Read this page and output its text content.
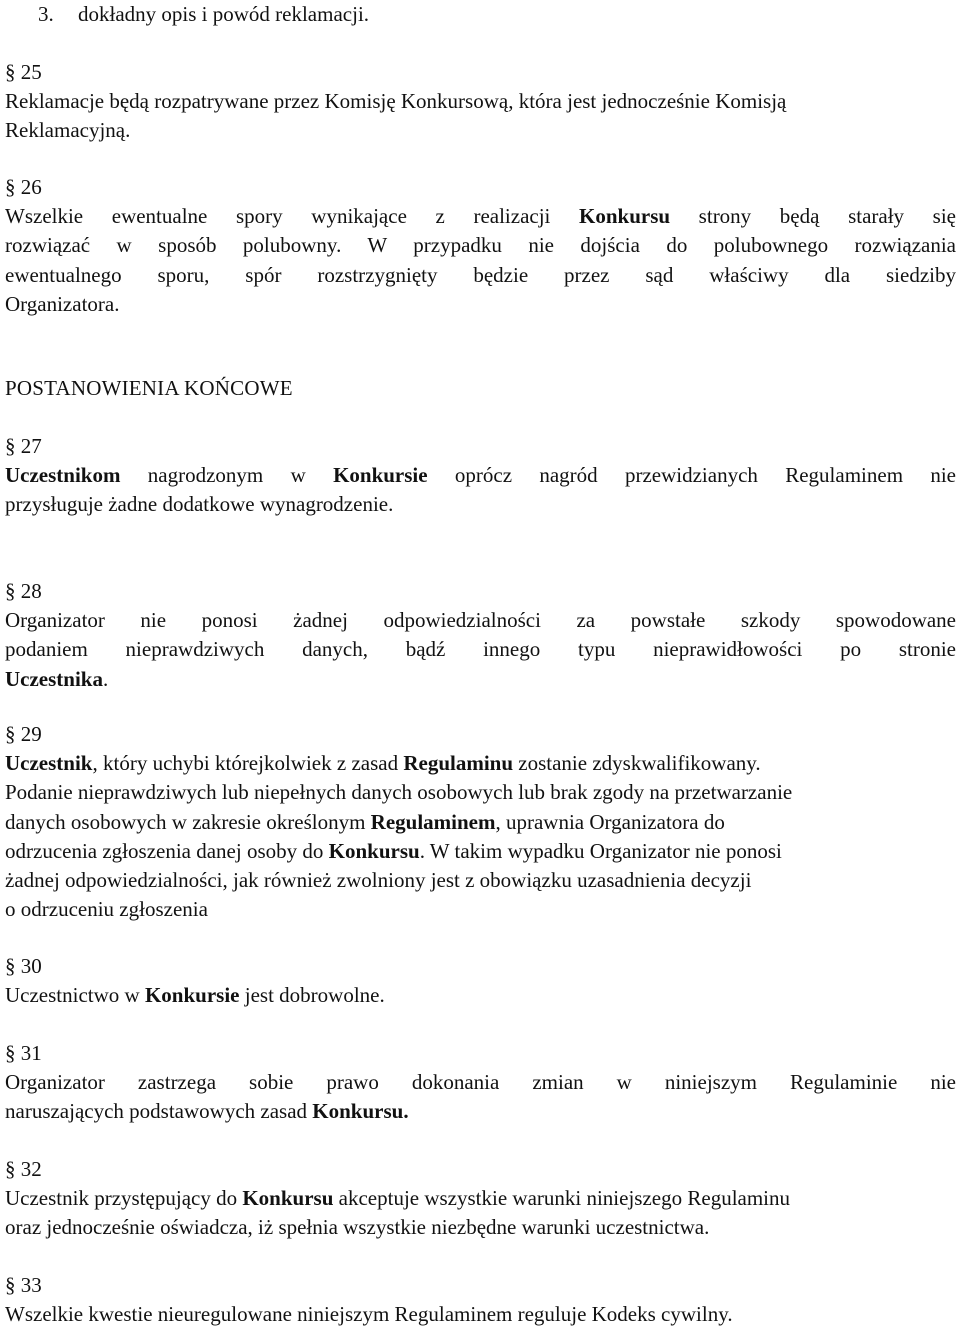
3. dokładny opis i powód reklamacji.
§ 25
Reklamacje będą rozpatrywane przez Komisję Konkursową, która jest jednocześnie Komisją
Reklamacyjną.
§ 26
Wszelkie ewentualne spory wynikające z realizacji Konkursu strony będą starały się
rozwiązać w sposób polubowny. W przypadku nie dojścia do polubownego rozwiązania
ewentualnego sporu, spór rozstrzygnięty będzie przez sąd właściwy dla siedziby
Organizatora.
POSTANOWIENIA KOŃCOWE
§ 27
Uczestnikom nagrodzonym w Konkursie oprócz nagród przewidzianych Regulaminem nie
przysługuje żadne dodatkowe wynagrodzenie.
§ 28
Organizator nie ponosi żadnej odpowiedzialności za powstałe szkody spowodowane
podaniem nieprawdziwych danych, bądź innego typu nieprawidłowości po stronie
Uczestnika.
§ 29
Uczestnik, który uchybi którejkolwiek z zasad Regulaminu zostanie zdyskwalifikowany.
Podanie nieprawdziwych lub niepełnych danych osobowych lub brak zgody na przetwarzanie
danych osobowych w zakresie określonym Regulaminem, uprawnia Organizatora do
odrzucenia zgłoszenia danej osoby do Konkursu. W takim wypadku Organizator nie ponosi
żadnej odpowiedzialności, jak również zwolniony jest z obowiązku uzasadnienia decyzji
o odrzuceniu zgłoszenia
§ 30
Uczestnictwo w Konkursie jest dobrowolne.
§ 31
Organizator zastrzega sobie prawo dokonania zmian w niniejszym Regulaminie nie
naruszających podstawowych zasad Konkursu.
§ 32
Uczestnik przystępujący do Konkursu akceptuje wszystkie warunki niniejszego Regulaminu
oraz jednocześnie oświadcza, iż spełnia wszystkie niezbędne warunki uczestnictwa.
§ 33
Wszelkie kwestie nieuregulowane niniejszym Regulaminem reguluje Kodeks cywilny.
